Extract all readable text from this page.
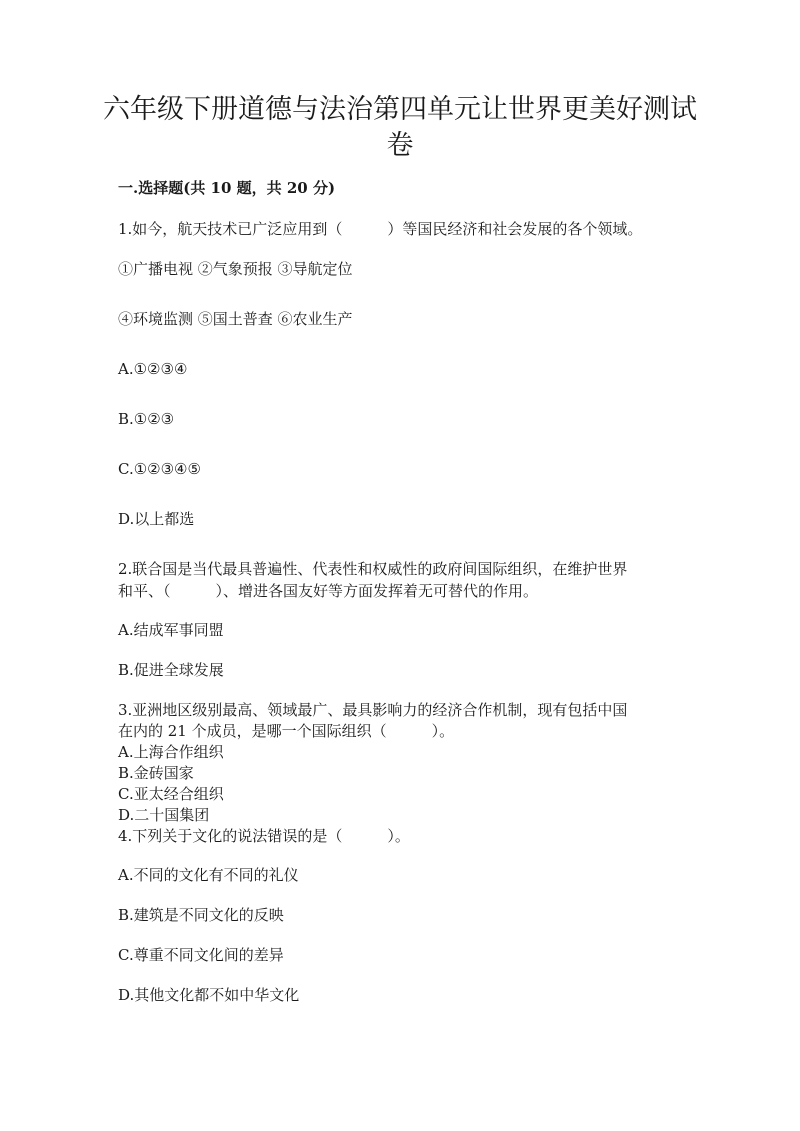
六年级下册道德与法治第四单元让世界更美好测试
卷

一.选择题(共 10 题，共 20 分)

1.如今，航天技术已广泛应用到（　　　）等国民经济和社会发展的各个领域。

①广播电视 ②气象预报 ③导航定位

④环境监测 ⑤国土普查 ⑥农业生产

A.①②③④

B.①②③

C.①②③④⑤

D.以上都选

2.联合国是当代最具普遍性、代表性和权威性的政府间国际组织，在维护世界

和平、（　　　）、增进各国友好等方面发挥着无可替代的作用。

A.结成军事同盟

B.促进全球发展

3.亚洲地区级别最高、领域最广、最具影响力的经济合作机制，现有包括中国

在内的 21 个成员，是哪一个国际组织（　　　）。

A.上海合作组织

B.金砖国家

C.亚太经合组织

D.二十国集团

4.下列关于文化的说法错误的是（　　　）。

A.不同的文化有不同的礼仪

B.建筑是不同文化的反映

C.尊重不同文化间的差异

D.其他文化都不如中华文化
